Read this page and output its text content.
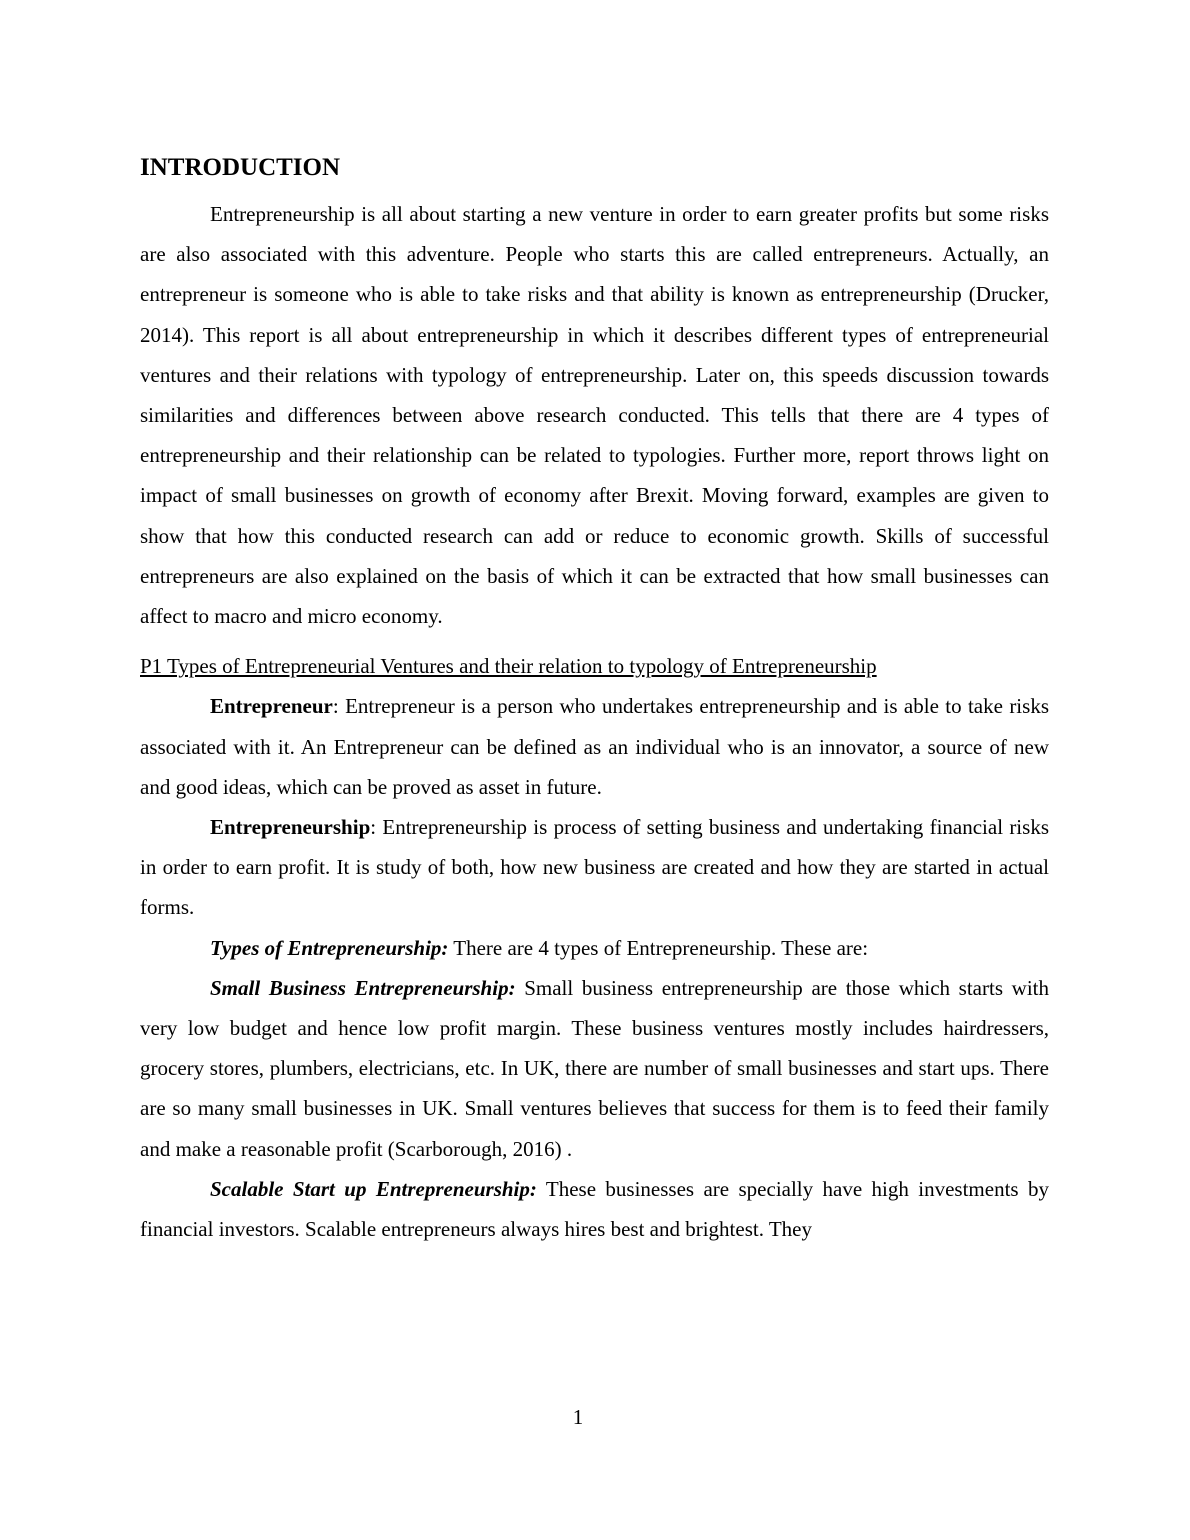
INTRODUCTION

Entrepreneurship is all about starting a new venture in order to earn greater profits but some risks are also associated with this adventure. People who starts this are called entrepreneurs. Actually, an entrepreneur is someone who is able to take risks and that ability is known as entrepreneurship (Drucker, 2014). This report is all about entrepreneurship in which it describes different types of entrepreneurial ventures and their relations with typology of entrepreneurship. Later on, this speeds discussion towards similarities and differences between above research conducted. This tells that there are 4 types of entrepreneurship and their relationship can be related to typologies. Further more, report throws light on impact of small businesses on growth of economy after Brexit. Moving forward, examples are given to show that how this conducted research can add or reduce to economic growth. Skills of successful entrepreneurs are also explained on the basis of which it can be extracted that how small businesses can affect to macro and micro economy.

P1 Types of Entrepreneurial Ventures and their relation to typology of Entrepreneurship

Entrepreneur: Entrepreneur is a person who undertakes entrepreneurship and is able to take risks associated with it. An Entrepreneur can be defined as an individual who is an innovator, a source of new and good ideas, which can be proved as asset in future.

Entrepreneurship: Entrepreneurship is process of setting business and undertaking financial risks in order to earn profit. It is study of both, how new business are created and how they are started in actual forms.

Types of Entrepreneurship: There are 4 types of Entrepreneurship. These are:

Small Business Entrepreneurship: Small business entrepreneurship are those which starts with very low budget and hence low profit margin. These business ventures mostly includes hairdressers, grocery stores, plumbers, electricians, etc. In UK, there are number of small businesses and start ups. There are so many small businesses in UK. Small ventures believes that success for them is to feed their family and make a reasonable profit (Scarborough, 2016) .

Scalable Start up Entrepreneurship: These businesses are specially have high investments by financial investors. Scalable entrepreneurs always hires best and brightest. They

1
